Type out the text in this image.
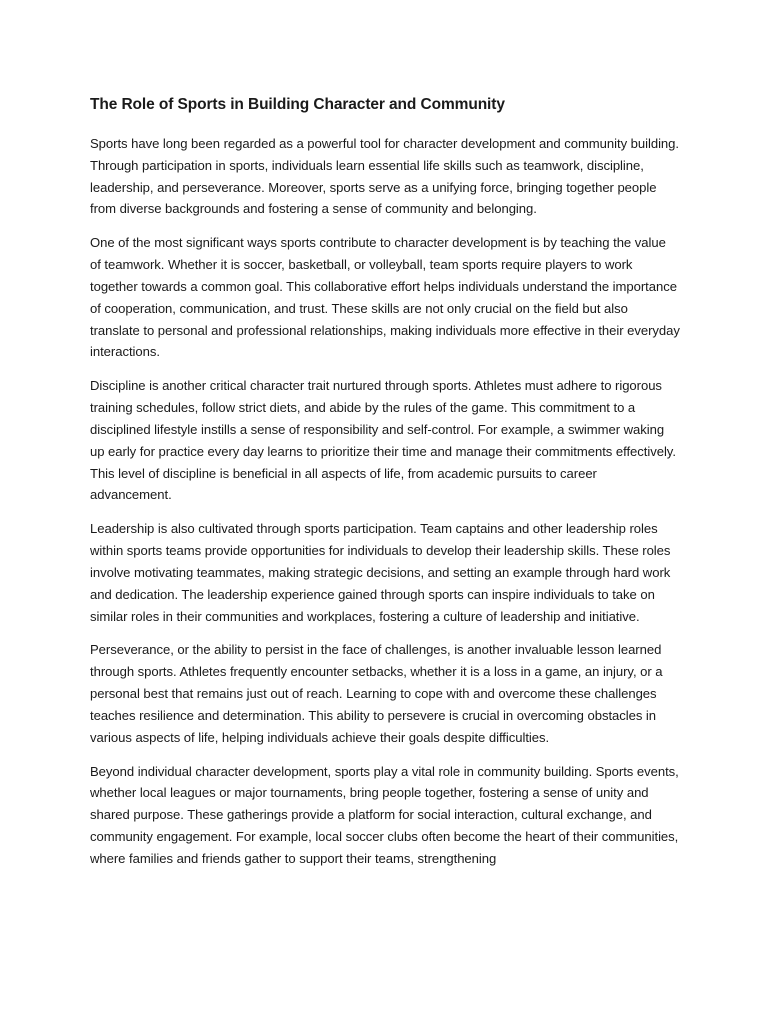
The Role of Sports in Building Character and Community

Sports have long been regarded as a powerful tool for character development and community building. Through participation in sports, individuals learn essential life skills such as teamwork, discipline, leadership, and perseverance. Moreover, sports serve as a unifying force, bringing together people from diverse backgrounds and fostering a sense of community and belonging.

One of the most significant ways sports contribute to character development is by teaching the value of teamwork. Whether it is soccer, basketball, or volleyball, team sports require players to work together towards a common goal. This collaborative effort helps individuals understand the importance of cooperation, communication, and trust. These skills are not only crucial on the field but also translate to personal and professional relationships, making individuals more effective in their everyday interactions.

Discipline is another critical character trait nurtured through sports. Athletes must adhere to rigorous training schedules, follow strict diets, and abide by the rules of the game. This commitment to a disciplined lifestyle instills a sense of responsibility and self-control. For example, a swimmer waking up early for practice every day learns to prioritize their time and manage their commitments effectively. This level of discipline is beneficial in all aspects of life, from academic pursuits to career advancement.

Leadership is also cultivated through sports participation. Team captains and other leadership roles within sports teams provide opportunities for individuals to develop their leadership skills. These roles involve motivating teammates, making strategic decisions, and setting an example through hard work and dedication. The leadership experience gained through sports can inspire individuals to take on similar roles in their communities and workplaces, fostering a culture of leadership and initiative.

Perseverance, or the ability to persist in the face of challenges, is another invaluable lesson learned through sports. Athletes frequently encounter setbacks, whether it is a loss in a game, an injury, or a personal best that remains just out of reach. Learning to cope with and overcome these challenges teaches resilience and determination. This ability to persevere is crucial in overcoming obstacles in various aspects of life, helping individuals achieve their goals despite difficulties.

Beyond individual character development, sports play a vital role in community building. Sports events, whether local leagues or major tournaments, bring people together, fostering a sense of unity and shared purpose. These gatherings provide a platform for social interaction, cultural exchange, and community engagement. For example, local soccer clubs often become the heart of their communities, where families and friends gather to support their teams, strengthening
